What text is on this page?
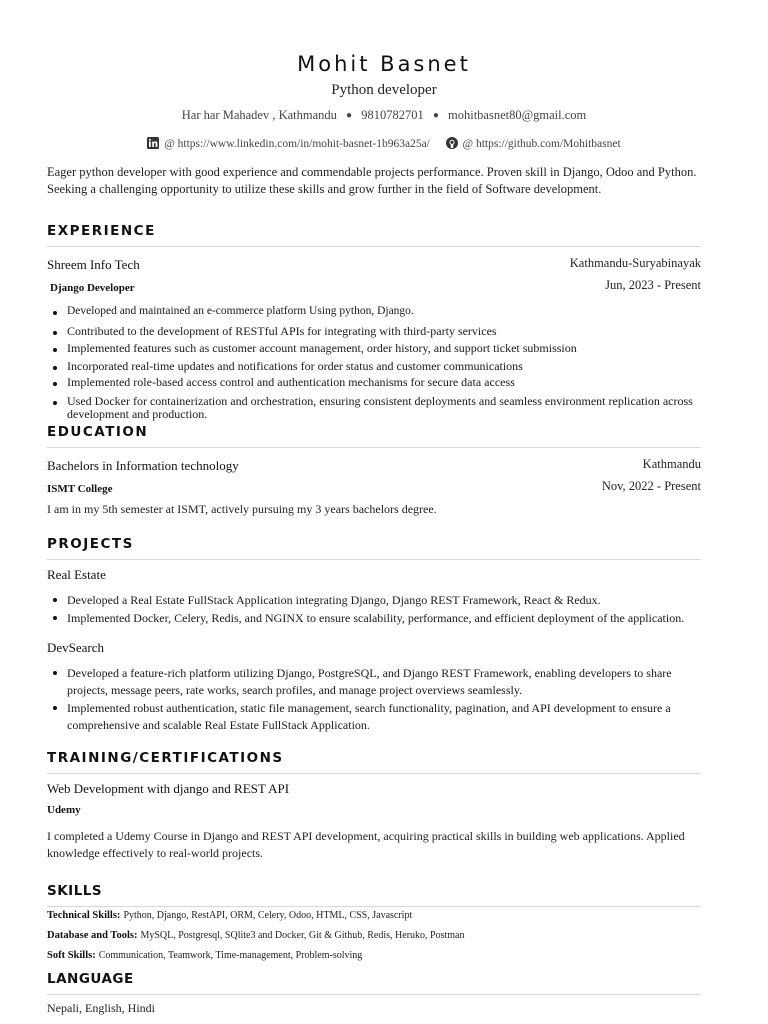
Mohit Basnet
Python developer
Har har Mahadev , Kathmandu ● 9810782701 ● mohitbasnet80@gmail.com
@ https://www.linkedin.com/in/mohit-basnet-1b963a25a/	@ https://github.com/Mohitbasnet
Eager python developer with good experience and commendable projects performance. Proven skill in Django, Odoo and Python. Seeking a challenging opportunity to utilize these skills and grow further in the field of Software development.
EXPERIENCE
Shreem Info Tech	Kathmandu-Suryabinayak
Django Developer	Jun, 2023 - Present
Developed and maintained an e-commerce platform Using python, Django.
Contributed to the development of RESTful APIs for integrating with third-party services
Implemented features such as customer account management, order history, and support ticket submission
Incorporated real-time updates and notifications for order status and customer communications
Implemented role-based access control and authentication mechanisms for secure data access
Used Docker for containerization and orchestration, ensuring consistent deployments and seamless environment replication across development and production.
EDUCATION
Bachelors in Information technology	Kathmandu
ISMT College	Nov, 2022 - Present
I am in my 5th semester at ISMT, actively pursuing my 3 years bachelors degree.
PROJECTS
Real Estate
Developed a Real Estate FullStack Application integrating Django, Django REST Framework, React & Redux.
Implemented Docker, Celery, Redis, and NGINX to ensure scalability, performance, and efficient deployment of the application.
DevSearch
Developed a feature-rich platform utilizing Django, PostgreSQL, and Django REST Framework, enabling developers to share projects, message peers, rate works, search profiles, and manage project overviews seamlessly.
Implemented robust authentication, static file management, search functionality, pagination, and API development to ensure a comprehensive and scalable Real Estate FullStack Application.
TRAINING/CERTIFICATIONS
Web Development with django and REST API
Udemy
I completed a Udemy Course in Django and REST API development, acquiring practical skills in building web applications. Applied knowledge effectively to real-world projects.
SKILLS
Technical Skills: Python, Django, RestAPI, ORM, Celery, Odoo, HTML, CSS, Javascript
Database and Tools: MySQL, Postgresql, SQlite3 and Docker, Git & Github, Redis, Heruko, Postman
Soft Skills: Communication, Teamwork, Time-management, Problem-solving
LANGUAGE
Nepali, English, Hindi
